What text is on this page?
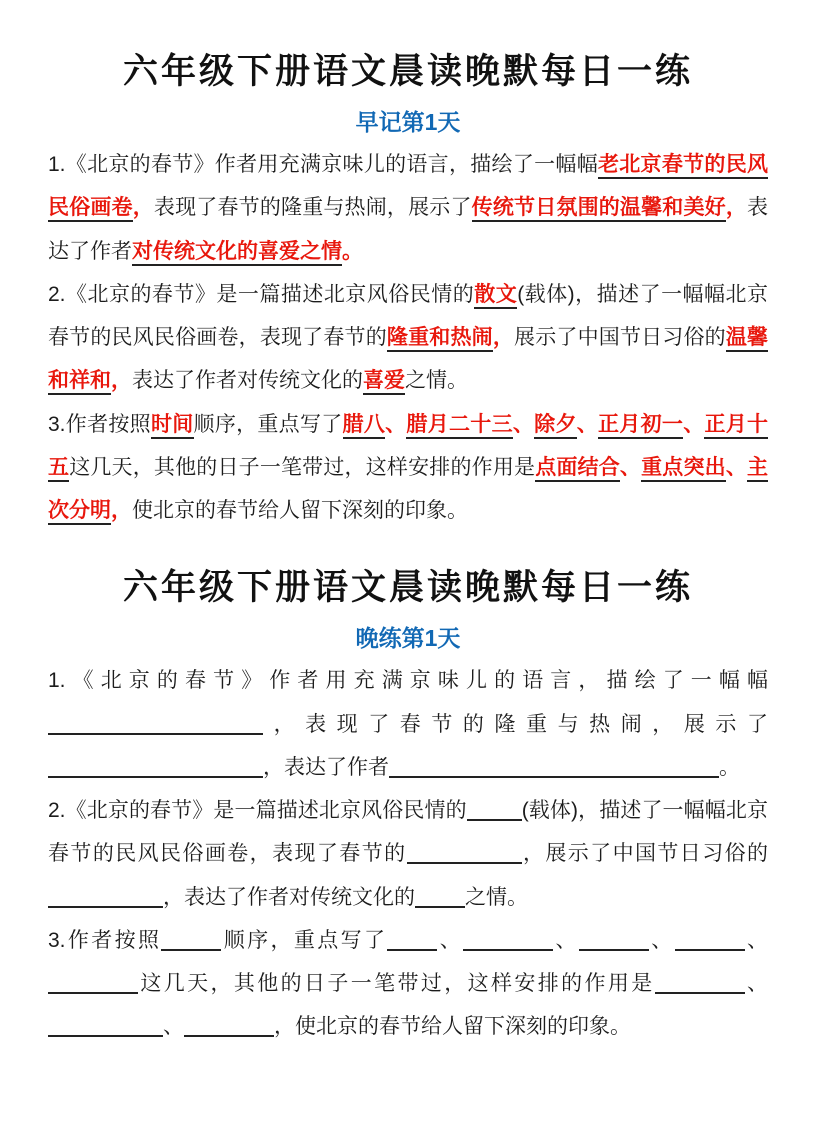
六年级下册语文晨读晚默每日一练
早记第1天

1.《北京的春节》作者用充满京味儿的语言，描绘了一幅幅老北京春节的民风民俗画卷，表现了春节的隆重与热闹，展示了传统节日氛围的温馨和美好，表达了作者对传统文化的喜爱之情。

2.《北京的春节》是一篇描述北京风俗民情的散文(载体)，描述了一幅幅北京春节的民风民俗画卷，表现了春节的隆重和热闹，展示了中国节日习俗的温馨和祥和，表达了作者对传统文化的喜爱之情。

3.作者按照时间顺序，重点写了腊八、腊月二十三、除夕、正月初一、正月十五这几天，其他的日子一笔带过，这样安排的作用是点面结合、重点突出、主次分明，使北京的春节给人留下深刻的印象。

六年级下册语文晨读晚默每日一练
晚练第1天

1.《北京的春节》作者用充满京味儿的语言，描绘了一幅幅，表现了春节的隆重与热闹，展示了，表达了作者	。

2.《北京的春节》是一篇描述北京风俗民情的	(载体)，描述了一幅幅北京春节的民风民俗画卷，表现了春节的	，展示了中国节日习俗的，表达了作者对传统文化的 之情。

3.作者按照	顺序，重点写了 、	、	、	、这几天，其他的日子一笔带过，这样安排的作用是	、、	，使北京的春节给人留下深刻的印象。
